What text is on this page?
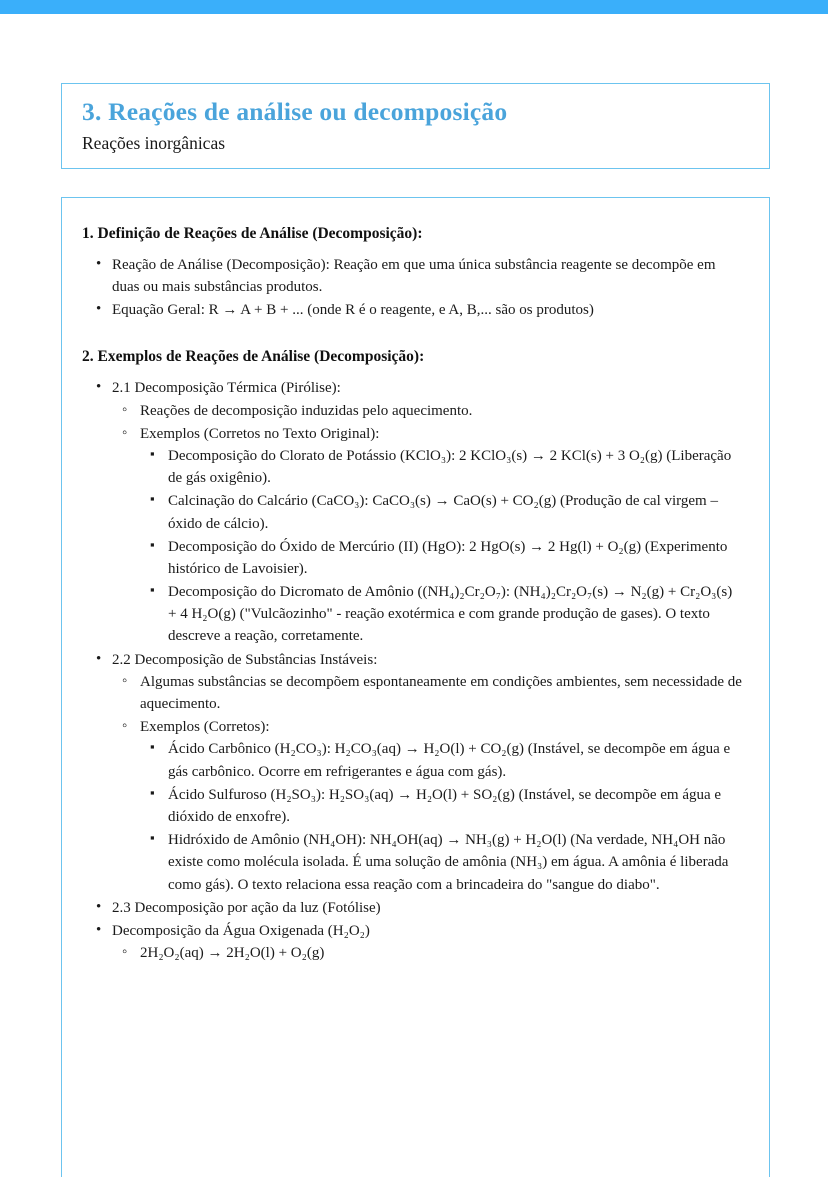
3. Reações de análise ou decomposição

Reações inorgânicas

1. Definição de Reações de Análise (Decomposição):
• Reação de Análise (Decomposição): Reação em que uma única substância reagente se decompõe em duas ou mais substâncias produtos.
• Equação Geral: R → A + B + ... (onde R é o reagente, e A, B,... são os produtos)
2. Exemplos de Reações de Análise (Decomposição):
• 2.1 Decomposição Térmica (Pirólise):
◦ Reações de decomposição induzidas pelo aquecimento.
◦ Exemplos (Corretos no Texto Original):
▪ Decomposição do Clorato de Potássio (KClO₃): 2 KClO₃(s) → 2 KCl(s) + 3 O₂(g) (Liberação de gás oxigênio).
▪ Calcinação do Calcário (CaCO₃): CaCO₃(s) → CaO(s) + CO₂(g) (Produção de cal virgem – óxido de cálcio).
▪ Decomposição do Óxido de Mercúrio (II) (HgO): 2 HgO(s) → 2 Hg(l) + O₂(g) (Experimento histórico de Lavoisier).
▪ Decomposição do Dicromato de Amônio ((NH₄)₂Cr₂O₇): (NH₄)₂Cr₂O₇(s) → N₂(g) + Cr₂O₃(s) + 4 H₂O(g) ("Vulcãozinho" - reação exotérmica e com grande produção de gases). O texto descreve a reação, corretamente.
• 2.2 Decomposição de Substâncias Instáveis:
◦ Algumas substâncias se decompõem espontaneamente em condições ambientes, sem necessidade de aquecimento.
◦ Exemplos (Corretos):
▪ Ácido Carbônico (H₂CO₃): H₂CO₃(aq) → H₂O(l) + CO₂(g) (Instável, se decompõe em água e gás carbônico. Ocorre em refrigerantes e água com gás).
▪ Ácido Sulfuroso (H₂SO₃): H₂SO₃(aq) → H₂O(l) + SO₂(g) (Instável, se decompõe em água e dióxido de enxofre).
▪ Hidróxido de Amônio (NH₄OH): NH₄OH(aq) → NH₃(g) + H₂O(l) (Na verdade, NH₄OH não existe como molécula isolada. É uma solução de amônia (NH₃) em água. A amônia é liberada como gás). O texto relaciona essa reação com a brincadeira do "sangue do diabo".
• 2.3 Decomposição por ação da luz (Fotólise)
• Decomposição da Água Oxigenada (H₂O₂)
◦ 2H₂O₂(aq) → 2H₂O(l) + O₂(g)
